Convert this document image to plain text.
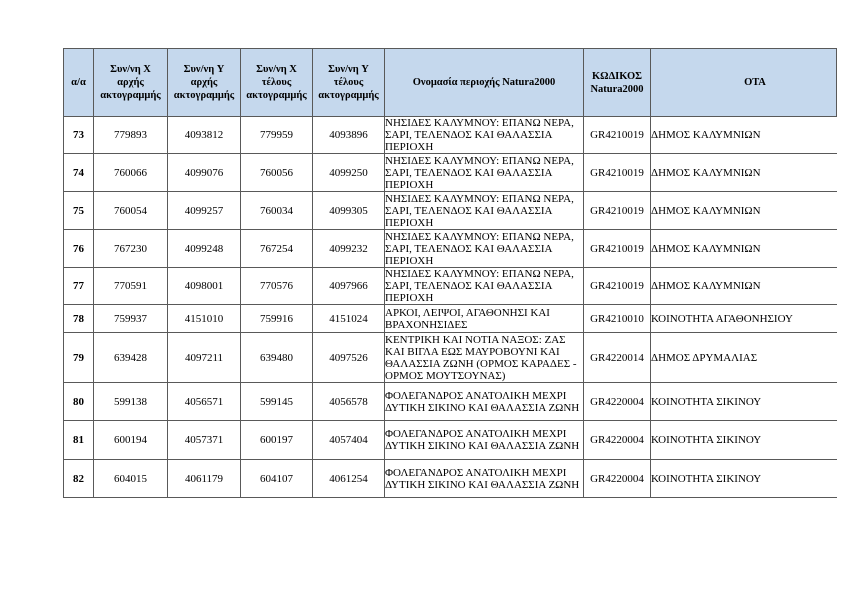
α/α	Συν/νη X αρχής ακτογραμμής	Συν/νη Y αρχής ακτογραμμής	Συν/νη X τέλους ακτογραμμής	Συν/νη Y τέλους ακτογραμμής	Ονομασία περιοχής Natura2000	ΚΩΔΙΚΟΣ Natura2000	ΟΤΑ
73	779893	4093812	779959	4093896	ΝΗΣΙΔΕΣ ΚΑΛΥΜΝΟΥ: ΕΠΑΝΩ ΝΕΡΑ, ΣΑΡΙ, ΤΕΛΕΝΔΟΣ ΚΑΙ ΘΑΛΑΣΣΙΑ ΠΕΡΙΟΧΗ	GR4210019	ΔΗΜΟΣ ΚΑΛΥΜΝΙΩΝ
74	760066	4099076	760056	4099250	ΝΗΣΙΔΕΣ ΚΑΛΥΜΝΟΥ: ΕΠΑΝΩ ΝΕΡΑ, ΣΑΡΙ, ΤΕΛΕΝΔΟΣ ΚΑΙ ΘΑΛΑΣΣΙΑ ΠΕΡΙΟΧΗ	GR4210019	ΔΗΜΟΣ ΚΑΛΥΜΝΙΩΝ
75	760054	4099257	760034	4099305	ΝΗΣΙΔΕΣ ΚΑΛΥΜΝΟΥ: ΕΠΑΝΩ ΝΕΡΑ, ΣΑΡΙ, ΤΕΛΕΝΔΟΣ ΚΑΙ ΘΑΛΑΣΣΙΑ ΠΕΡΙΟΧΗ	GR4210019	ΔΗΜΟΣ ΚΑΛΥΜΝΙΩΝ
76	767230	4099248	767254	4099232	ΝΗΣΙΔΕΣ ΚΑΛΥΜΝΟΥ: ΕΠΑΝΩ ΝΕΡΑ, ΣΑΡΙ, ΤΕΛΕΝΔΟΣ ΚΑΙ ΘΑΛΑΣΣΙΑ ΠΕΡΙΟΧΗ	GR4210019	ΔΗΜΟΣ ΚΑΛΥΜΝΙΩΝ
77	770591	4098001	770576	4097966	ΝΗΣΙΔΕΣ ΚΑΛΥΜΝΟΥ: ΕΠΑΝΩ ΝΕΡΑ, ΣΑΡΙ, ΤΕΛΕΝΔΟΣ ΚΑΙ ΘΑΛΑΣΣΙΑ ΠΕΡΙΟΧΗ	GR4210019	ΔΗΜΟΣ ΚΑΛΥΜΝΙΩΝ
78	759937	4151010	759916	4151024	ΑΡΚΟΙ, ΛΕΙΨΟΙ, ΑΓΑΘΟΝΗΣΙ ΚΑΙ ΒΡΑΧΟΝΗΣΙΔΕΣ	GR4210010	ΚΟΙΝΟΤΗΤΑ ΑΓΑΘΟΝΗΣΙΟΥ
79	639428	4097211	639480	4097526	ΚΕΝΤΡΙΚΗ ΚΑΙ ΝΟΤΙΑ ΝΑΞΟΣ: ΖΑΣ ΚΑΙ ΒΙΓΛΑ ΕΩΣ ΜΑΥΡΟΒΟΥΝΙ ΚΑΙ ΘΑΛΑΣΣΙΑ ΖΩΝΗ (ΟΡΜΟΣ ΚΑΡΑΔΕΣ - ΟΡΜΟΣ ΜΟΥΤΣΟΥΝΑΣ)	GR4220014	ΔΗΜΟΣ ΔΡΥΜΑΛΙΑΣ
80	599138	4056571	599145	4056578	ΦΟΛΕΓΑΝΔΡΟΣ ΑΝΑΤΟΛΙΚΗ ΜΕΧΡΙ ΔΥΤΙΚΗ ΣΙΚΙΝΟ ΚΑΙ ΘΑΛΑΣΣΙΑ ΖΩΝΗ	GR4220004	ΚΟΙΝΟΤΗΤΑ ΣΙΚΙΝΟΥ
81	600194	4057371	600197	4057404	ΦΟΛΕΓΑΝΔΡΟΣ ΑΝΑΤΟΛΙΚΗ ΜΕΧΡΙ ΔΥΤΙΚΗ ΣΙΚΙΝΟ ΚΑΙ ΘΑΛΑΣΣΙΑ ΖΩΝΗ	GR4220004	ΚΟΙΝΟΤΗΤΑ ΣΙΚΙΝΟΥ
82	604015	4061179	604107	4061254	ΦΟΛΕΓΑΝΔΡΟΣ ΑΝΑΤΟΛΙΚΗ ΜΕΧΡΙ ΔΥΤΙΚΗ ΣΙΚΙΝΟ ΚΑΙ ΘΑΛΑΣΣΙΑ ΖΩΝΗ	GR4220004	ΚΟΙΝΟΤΗΤΑ ΣΙΚΙΝΟΥ
